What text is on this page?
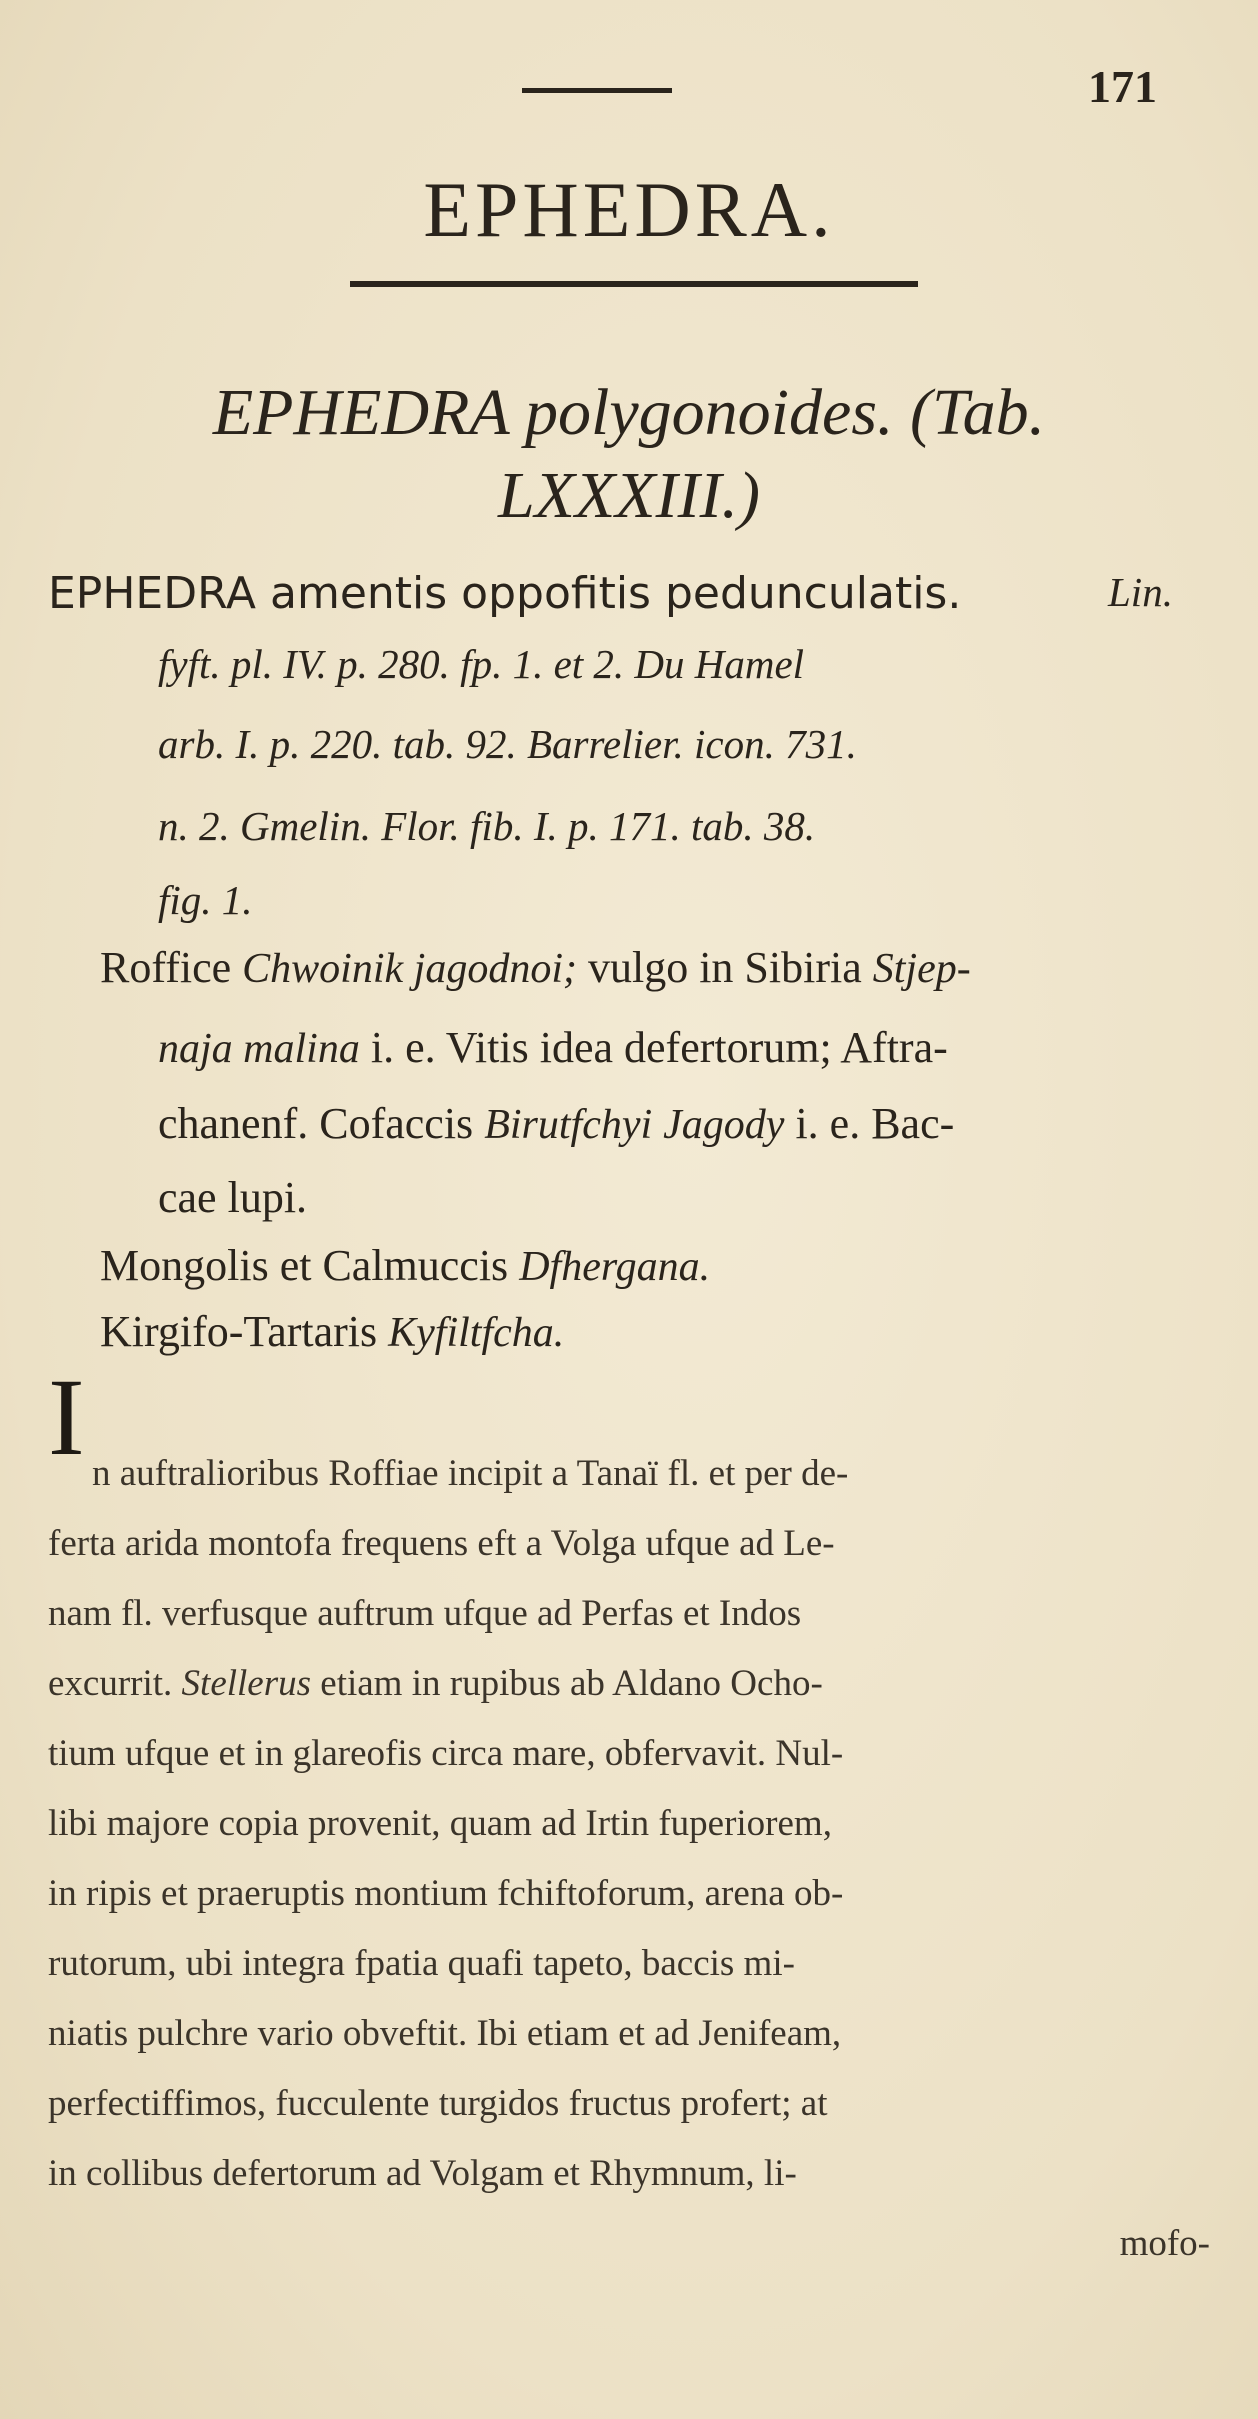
171
EPHEDRA.
EPHEDRA polygonoides. (Tab.
LXXXIII.)
EPHEDRA amentis oppofitis pedunculatis.	Lin.
fyft. pl. IV. p. 280. fp. 1. et 2. Du Hamel
arb. I. p. 220. tab. 92. Barrelier. icon. 731.
n. 2. Gmelin. Flor. fib. I. p. 171. tab. 38.
fig. 1.
Roffice Chwoinik jagodnoi; vulgo in Sibiria Stjep-
naja malina i. e. Vitis idea defertorum; Aftra-
chanenf. Cofaccis Birutfchyi Jagody i. e. Bac-
cae lupi.
Mongolis et Calmuccis Dfhergana.
Kirgifo-Tartaris Kyfiltfcha.
I n auftralioribus Roffiae incipit a Tanaï fl. et per de-
ferta arida montofa frequens eft a Volga ufque ad Le-
nam fl. verfusque auftrum ufque ad Perfas et Indos
excurrit. Stellerus etiam in rupibus ab Aldano Ocho-
tium ufque et in glareofis circa mare, obfervavit. Nul-
libi majore copia provenit, quam ad Irtin fuperiorem,
in ripis et praeruptis montium fchiftoforum, arena ob-
rutorum, ubi integra fpatia quafi tapeto, baccis mi-
niatis pulchre vario obveftit. Ibi etiam et ad Jenifeam,
perfectiffimos, fucculente turgidos fructus profert; at
in collibus defertorum ad Volgam et Rhymnum, li-
mofo-
